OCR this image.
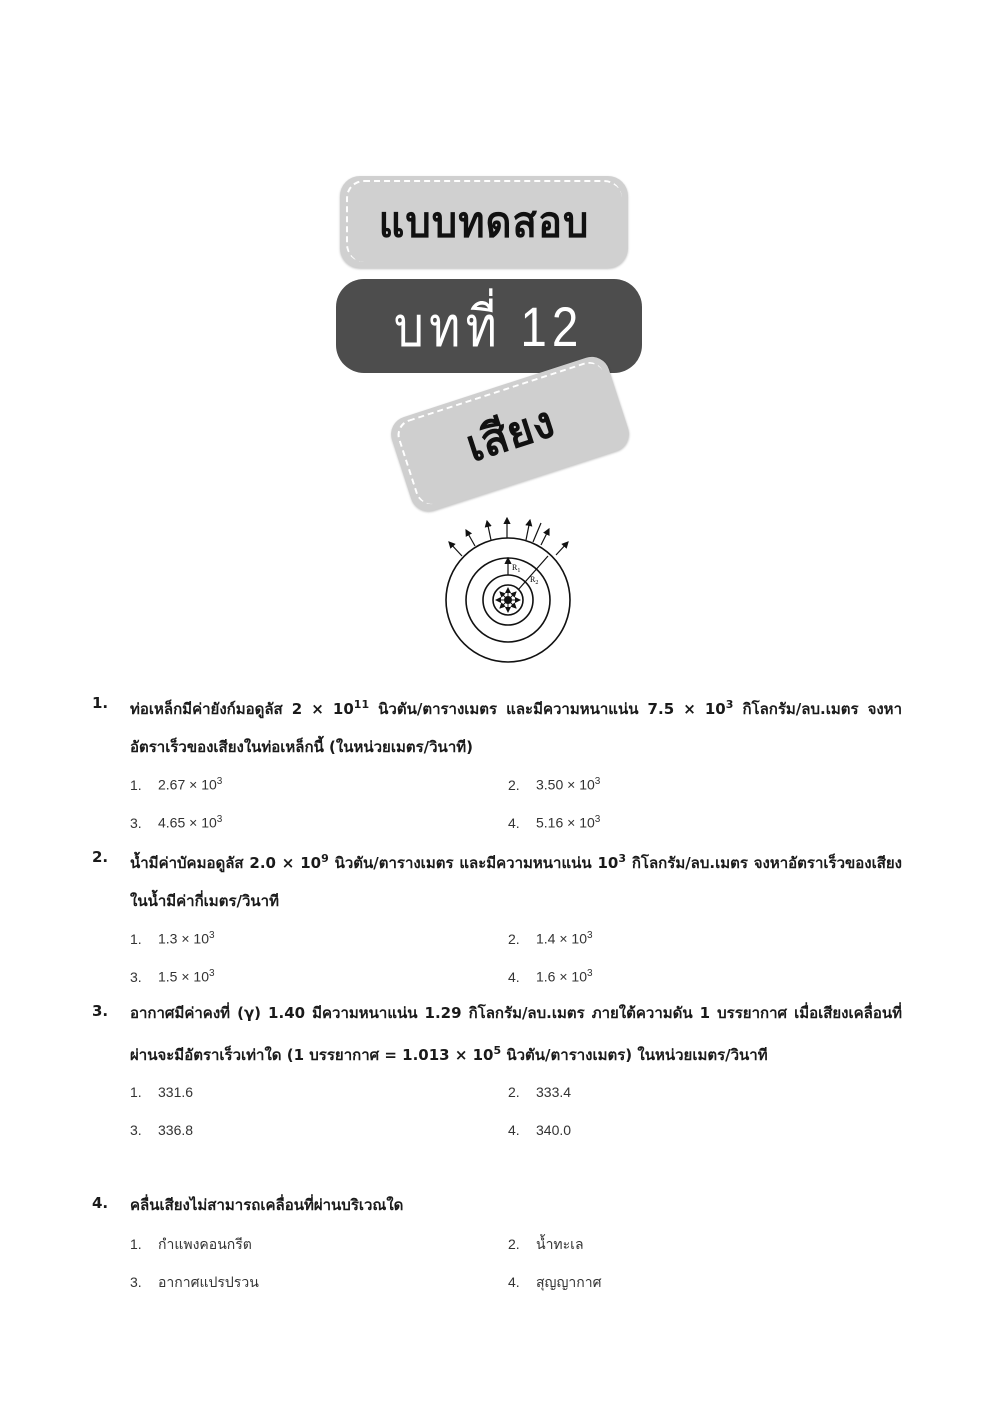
แบบทดสอบ
บทที่ 12
เสียง
$R_1$
$R_2$
1. ท่อเหล็กมีค่ายังก์มอดูลัส $2 \times 10^{11}$ นิวตัน/ตารางเมตร และมีความหนาแน่น $7.5 \times 10^3$ กิโลกรัม/ลบ.เมตร จงหาอัตราเร็วของเสียงในท่อเหล็กนี้ (ในหน่วยเมตร/วินาที)
1. $2.67 \times 10^3$	2. $3.50 \times 10^3$
3. $4.65 \times 10^3$	4. $5.16 \times 10^3$
2. น้ำมีค่าบัคมอดูลัส $2.0 \times 10^9$ นิวตัน/ตารางเมตร และมีความหนาแน่น $10^3$ กิโลกรัม/ลบ.เมตร จงหาอัตราเร็วของเสียงในน้ำมีค่ากี่เมตร/วินาที
1. $1.3 \times 10^3$	2. $1.4 \times 10^3$
3. $1.5 \times 10^3$	4. $1.6 \times 10^3$
3. อากาศมีค่าคงที่ (γ) 1.40 มีความหนาแน่น 1.29 กิโลกรัม/ลบ.เมตร ภายใต้ความดัน 1 บรรยากาศ เมื่อเสียงเคลื่อนที่ผ่านจะมีอัตราเร็วเท่าใด (1 บรรยากาศ = $1.013 \times 10^5$ นิวตัน/ตารางเมตร) ในหน่วยเมตร/วินาที
1. 331.6	2. 333.4
3. 336.8	4. 340.0
4. คลื่นเสียงไม่สามารถเคลื่อนที่ผ่านบริเวณใด
1. กำแพงคอนกรีต	2. น้ำทะเล
3. อากาศแปรปรวน	4. สุญญากาศ
